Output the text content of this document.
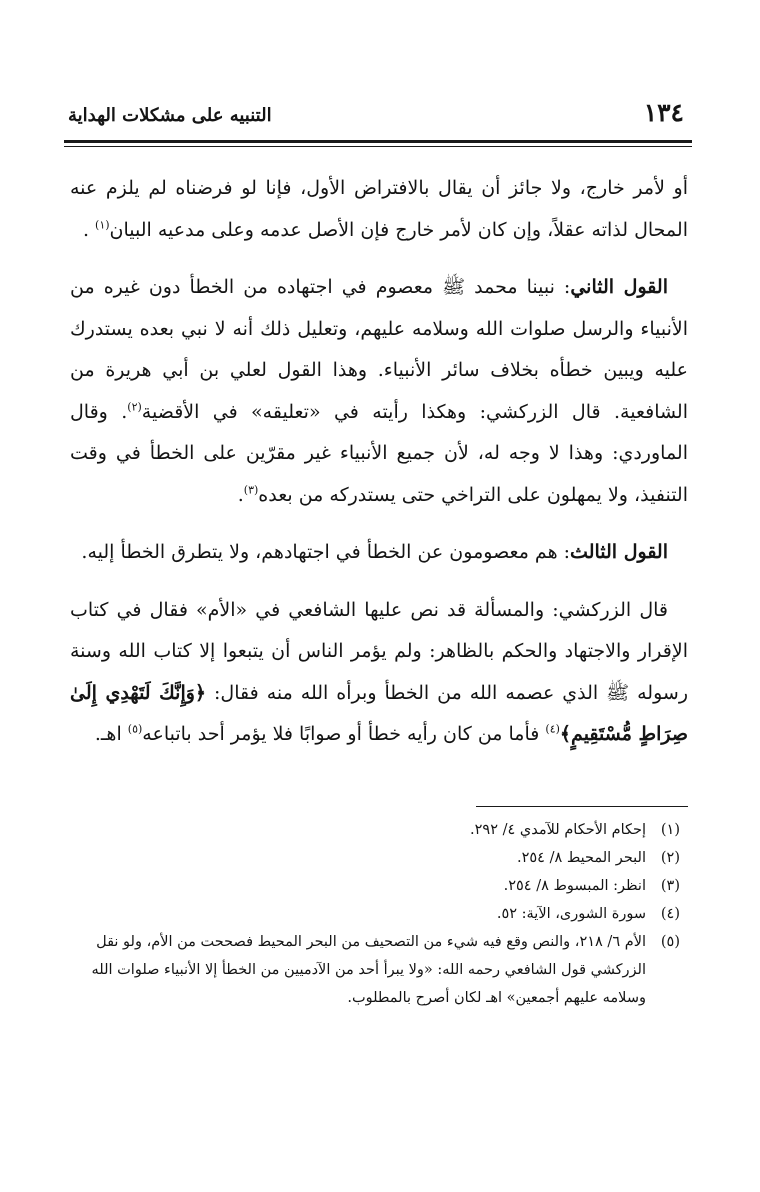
١٣٤
التنبيه على مشكلات الهداية

أو لأمر خارج، ولا جائز أن يقال بالافتراض الأول، فإنا لو فرضناه لم يلزم عنه المحال لذاته عقلاً، وإن كان لأمر خارج فإن الأصل عدمه وعلى مدعيه البيان$^{(١)}$ .

القول الثاني: نبينا محمد ﷺ معصوم في اجتهاده من الخطأ دون غيره من الأنبياء والرسل صلوات الله وسلامه عليهم، وتعليل ذلك أنه لا نبي بعده يستدرك عليه ويبين خطأه بخلاف سائر الأنبياء. وهذا القول لعلي بن أبي هريرة من الشافعية. قال الزركشي: وهكذا رأيته في «تعليقه» في الأقضية$^{(٢)}$. وقال الماوردي: وهذا لا وجه له، لأن جميع الأنبياء غير مقرّين على الخطأ في وقت التنفيذ، ولا يمهلون على التراخي حتى يستدركه من بعده$^{(٣)}$.

القول الثالث: هم معصومون عن الخطأ في اجتهادهم، ولا يتطرق الخطأ إليه.

قال الزركشي: والمسألة قد نص عليها الشافعي في «الأم» فقال في كتاب الإقرار والاجتهاد والحكم بالظاهر: ولم يؤمر الناس أن يتبعوا إلا كتاب الله وسنة رسوله ﷺ الذي عصمه الله من الخطأ وبرأه الله منه فقال: ﴿وَإِنَّكَ لَتَهْدِي إِلَىٰ صِرَاطٍ مُّسْتَقِيمٍ﴾$^{(٤)}$ فأما من كان رأيه خطأ أو صوابًا فلا يؤمر أحد باتباعه$^{(٥)}$ اهـ.

(١)
إحكام الأحكام للآمدي ٤/ ٢٩٢.

(٢)
البحر المحيط ٨/ ٢٥٤.

(٣)
انظر: المبسوط ٨/ ٢٥٤.

(٤)
سورة الشورى، الآية: ٥٢.

(٥)
الأم ٦/ ٢١٨، والنص وقع فيه شيء من التصحيف من البحر المحيط فصححت من الأم، ولو نقل الزركشي قول الشافعي رحمه الله: «ولا يبرأ أحد من الآدميين من الخطأ إلا الأنبياء صلوات الله وسلامه عليهم أجمعين» اهـ لكان أصرح بالمطلوب.
